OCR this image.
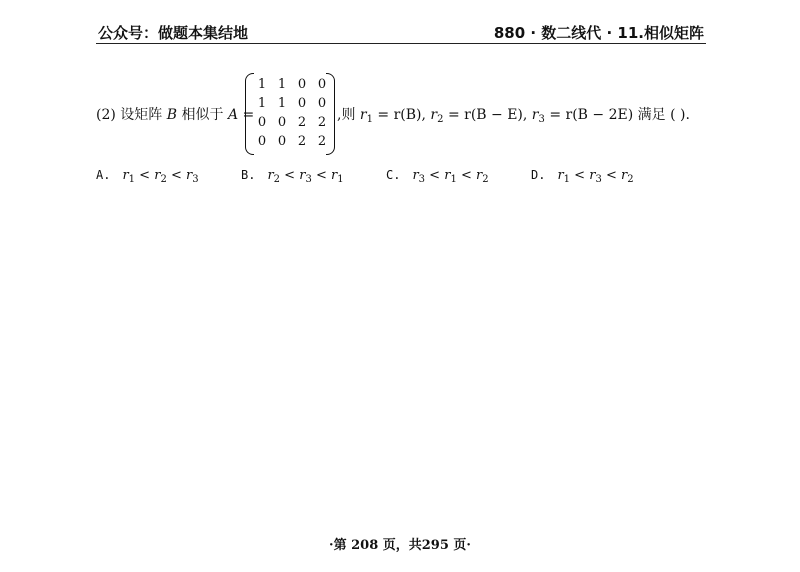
公众号：做题本集结地	880 · 数二线代 · 11.相似矩阵
(2) 设矩阵 B 相似于 A =
1 1 0 0
1 1 0 0
0 0 2 2
0 0 2 2
,则 $r_1 = r(B)$, $r_2 = r(B - E)$, $r_3 = r(B - 2E)$ 满足 ( ).
A. $r_1 < r_2 < r_3$	B. $r_2 < r_3 < r_1$	C. $r_3 < r_1 < r_2$	D. $r_1 < r_3 < r_2$
·第 208 页，共295 页·
